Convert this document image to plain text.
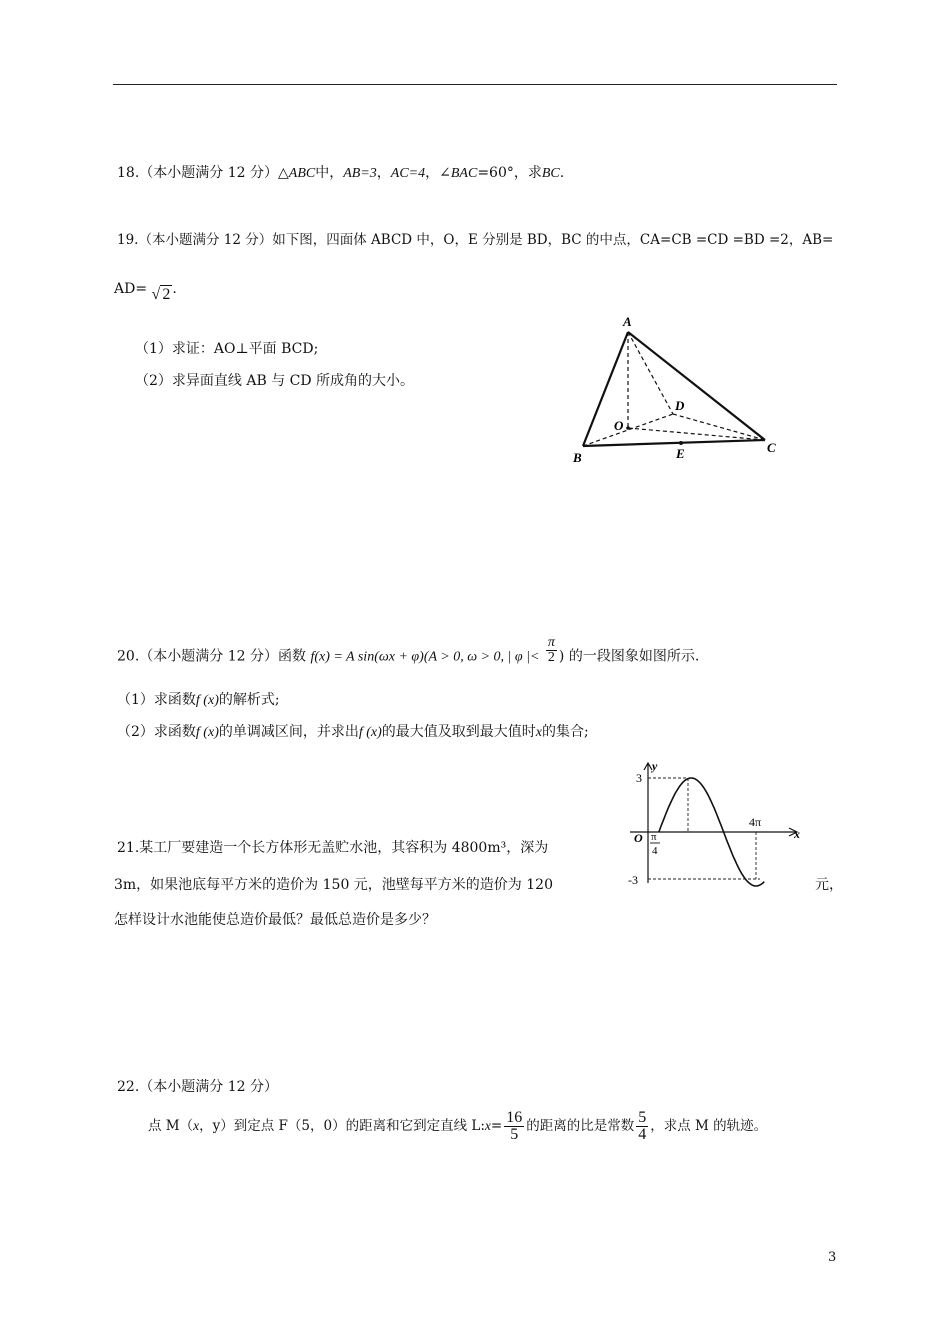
18.（本小题满分 12 分）△ABC中，AB=3，AC=4，∠BAC=60°，求BC.
19.（本小题满分 12 分）如下图，四面体 ABCD 中，O，E 分别是 BD，BC 的中点，CA=CB =CD =BD =2，AB=
AD= √ 2 .
（1）求证：AO⊥平面 BCD;
（2）求异面直线 AB 与 CD 所成角的大小。
A
B
C
D
O
E
20.（本小题满分 12 分）函数 f(x) = A sin(ωx + φ)(A > 0, ω > 0, | φ |< $\frac{\pi}{2}$ ) 的一段图象如图所示.
（1）求函数f (x)的解析式;
（2）求函数f (x)的单调减区间，并求出f (x)的最大值及取到最大值时x的集合;
x
y
O
3
-3
4π
π
4
21.某工厂要建造一个长方体形无盖贮水池，其容积为 4800m³，深为
3m，如果池底每平方米的造价为 150 元，池壁每平方米的造价为 120	元，
怎样设计水池能使总造价最低？最低总造价是多少？
22.（本小题满分 12 分）
点 M（x，y）到定点 F（5，0）的距离和它到定直线 L:x= $\frac{16}{5}$ 的距离的比是常数 $\frac{5}{4}$ ，求点 M 的轨迹。
3
